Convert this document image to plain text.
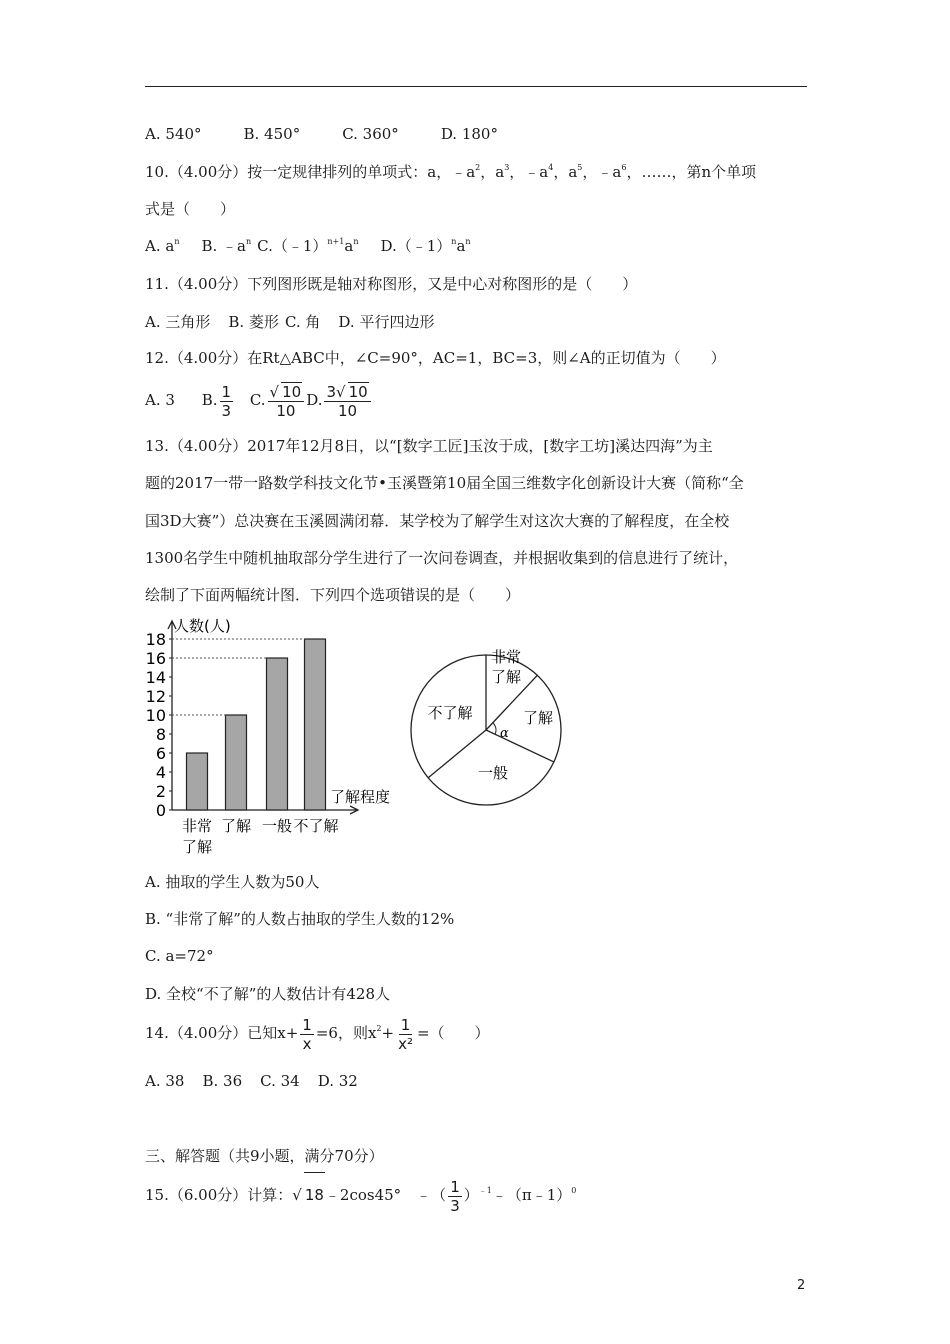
A. 540°	B. 450°	C. 360°	D. 180°
10.（4.00分）按一定规律排列的单项式：a，$﹣a^2$，$a^3$，$﹣a^4$，$a^5$，$﹣a^6$，……，第n个单项
式是（　　）
A. $a^n$ B. $﹣a^n$ $C.(﹣1)^{n+1}a^n$ $D.(﹣1)^na^n$
11.（4.00分）下列图形既是轴对称图形，又是中心对称图形的是（　　）
A. 三角形 B. 菱形 C. 角 D. 平行四边形
12.（4.00分）在Rt△ABC中，∠C=90°，AC=1，BC=3，则∠A的正切值为（　　）
A. 3 B. $\frac{1}{3} C$. $\frac{√ 10}{10} D$. $\frac{3√ 10}{10}$
13.（4.00分）2017年12月8日，以“[数字工匠]玉汝于成，[数字工坊]溪达四海”为主
题的2017一带一路数学科技文化节•玉溪暨第10届全国三维数字化创新设计大赛（简称“全
国3D大赛”）总决赛在玉溪圆满闭幕．某学校为了解学生对这次大赛的了解程度，在全校
1300名学生中随机抽取部分学生进行了一次问卷调查，并根据收集到的信息进行了统计，
绘制了下面两幅统计图．下列四个选项错误的是（　　）
人数(人)
了解程度
0
2
4
6
8
10
12
14
16
18
非常
了解
了解 一般 不了解
非常
了解
了解
一般
不了解
α
A. 抽取的学生人数为50人
B. “非常了解”的人数占抽取的学生人数的12%
C. a=72°
D. 全校“不了解”的人数估计有428人
14.（4.00分）已知$x+ \frac{1}{x} =6$，则$x^2+ \frac{1}{\text{x²}}$ =（　　）
A. 38 B. 36 C. 34 D. 32
三、解答题（共9小题，满分70分）
15.（6.00分）计算：√ 18﹣2cos45°　﹣（ $\frac{1}{3}$ ）$^{﹣1}$﹣（π﹣1）$^0$
2
